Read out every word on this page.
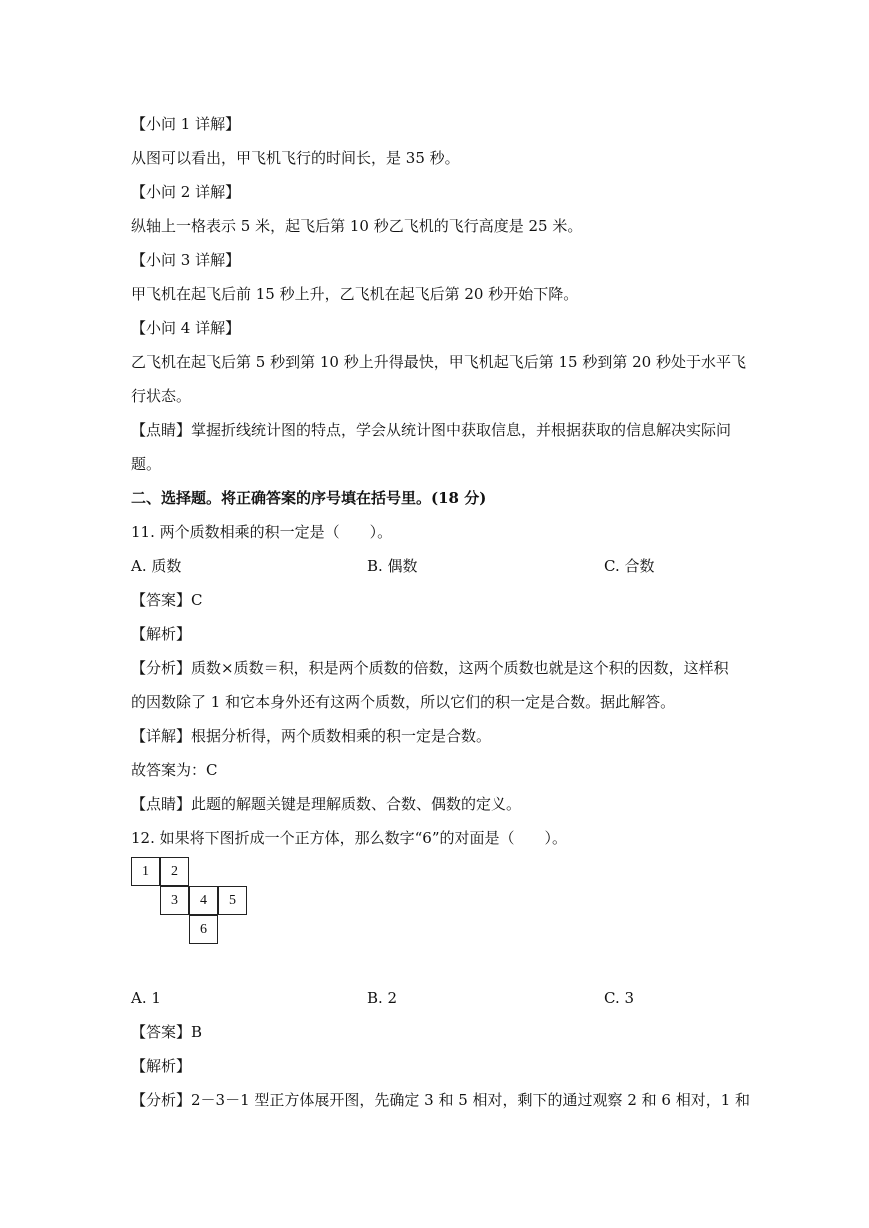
【小问 1 详解】
从图可以看出，甲飞机飞行的时间长，是 35 秒。
【小问 2 详解】
纵轴上一格表示 5 米，起飞后第 10 秒乙飞机的飞行高度是 25 米。
【小问 3 详解】
甲飞机在起飞后前 15 秒上升，乙飞机在起飞后第 20 秒开始下降。
【小问 4 详解】
乙飞机在起飞后第 5 秒到第 10 秒上升得最快，甲飞机起飞后第 15 秒到第 20 秒处于水平飞
行状态。
【点睛】掌握折线统计图的特点，学会从统计图中获取信息，并根据获取的信息解决实际问
题。
二、选择题。将正确答案的序号填在括号里。(18 分)
11. 两个质数相乘的积一定是（　　）。
A. 质数	B. 偶数	C. 合数
【答案】C
【解析】
【分析】质数×质数＝积，积是两个质数的倍数，这两个质数也就是这个积的因数，这样积
的因数除了 1 和它本身外还有这两个质数，所以它们的积一定是合数。据此解答。
【详解】根据分析得，两个质数相乘的积一定是合数。
故答案为：C
【点睛】此题的解题关键是理解质数、合数、偶数的定义。
12. 如果将下图折成一个正方体，那么数字“6”的对面是（　　）。
1	2
3	4	5
6
A. 1	B. 2	C. 3
【答案】B
【解析】
【分析】2－3－1 型正方体展开图，先确定 3 和 5 相对，剩下的通过观察 2 和 6 相对，1 和
